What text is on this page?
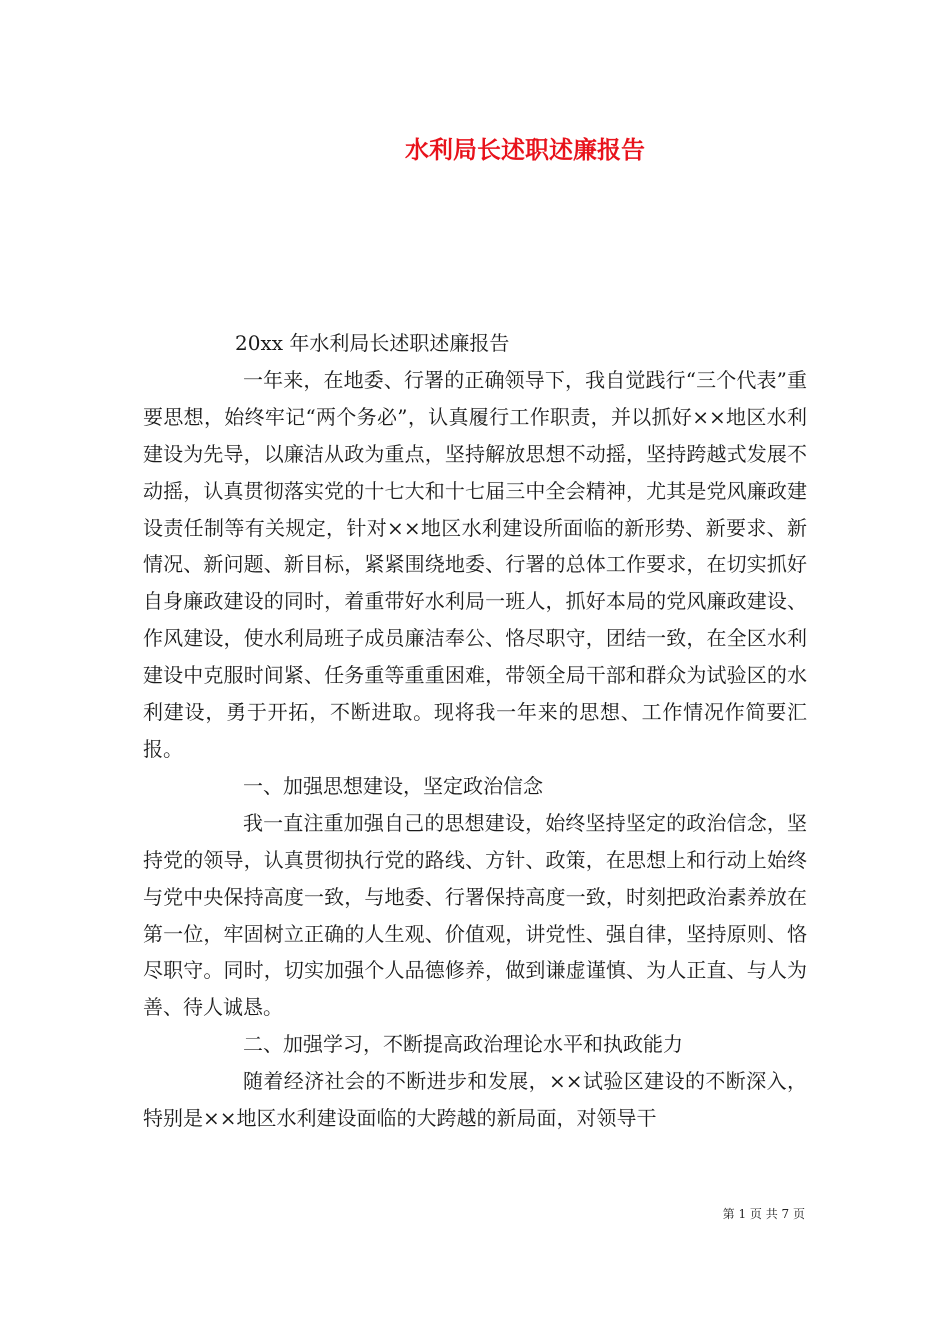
水利局长述职述廉报告

20xx 年水利局长述职述廉报告

一年来，在地委、行署的正确领导下，我自觉践行“三个代表”重要思想，始终牢记“两个务必”，认真履行工作职责，并以抓好××地区水利建设为先导，以廉洁从政为重点，坚持解放思想不动摇，坚持跨越式发展不动摇，认真贯彻落实党的十七大和十七届三中全会精神，尤其是党风廉政建设责任制等有关规定，针对××地区水利建设所面临的新形势、新要求、新情况、新问题、新目标，紧紧围绕地委、行署的总体工作要求，在切实抓好自身廉政建设的同时，着重带好水利局一班人，抓好本局的党风廉政建设、作风建设，使水利局班子成员廉洁奉公、恪尽职守，团结一致，在全区水利建设中克服时间紧、任务重等重重困难，带领全局干部和群众为试验区的水利建设，勇于开拓，不断进取。现将我一年来的思想、工作情况作简要汇报。

一、加强思想建设，坚定政治信念

我一直注重加强自己的思想建设，始终坚持坚定的政治信念，坚持党的领导，认真贯彻执行党的路线、方针、政策，在思想上和行动上始终与党中央保持高度一致，与地委、行署保持高度一致，时刻把政治素养放在第一位，牢固树立正确的人生观、价值观，讲党性、强自律，坚持原则、恪尽职守。同时，切实加强个人品德修养，做到谦虚谨慎、为人正直、与人为善、待人诚恳。

二、加强学习，不断提高政治理论水平和执政能力

随着经济社会的不断进步和发展，××试验区建设的不断深入，特别是××地区水利建设面临的大跨越的新局面，对领导干

第 1 页 共 7 页
